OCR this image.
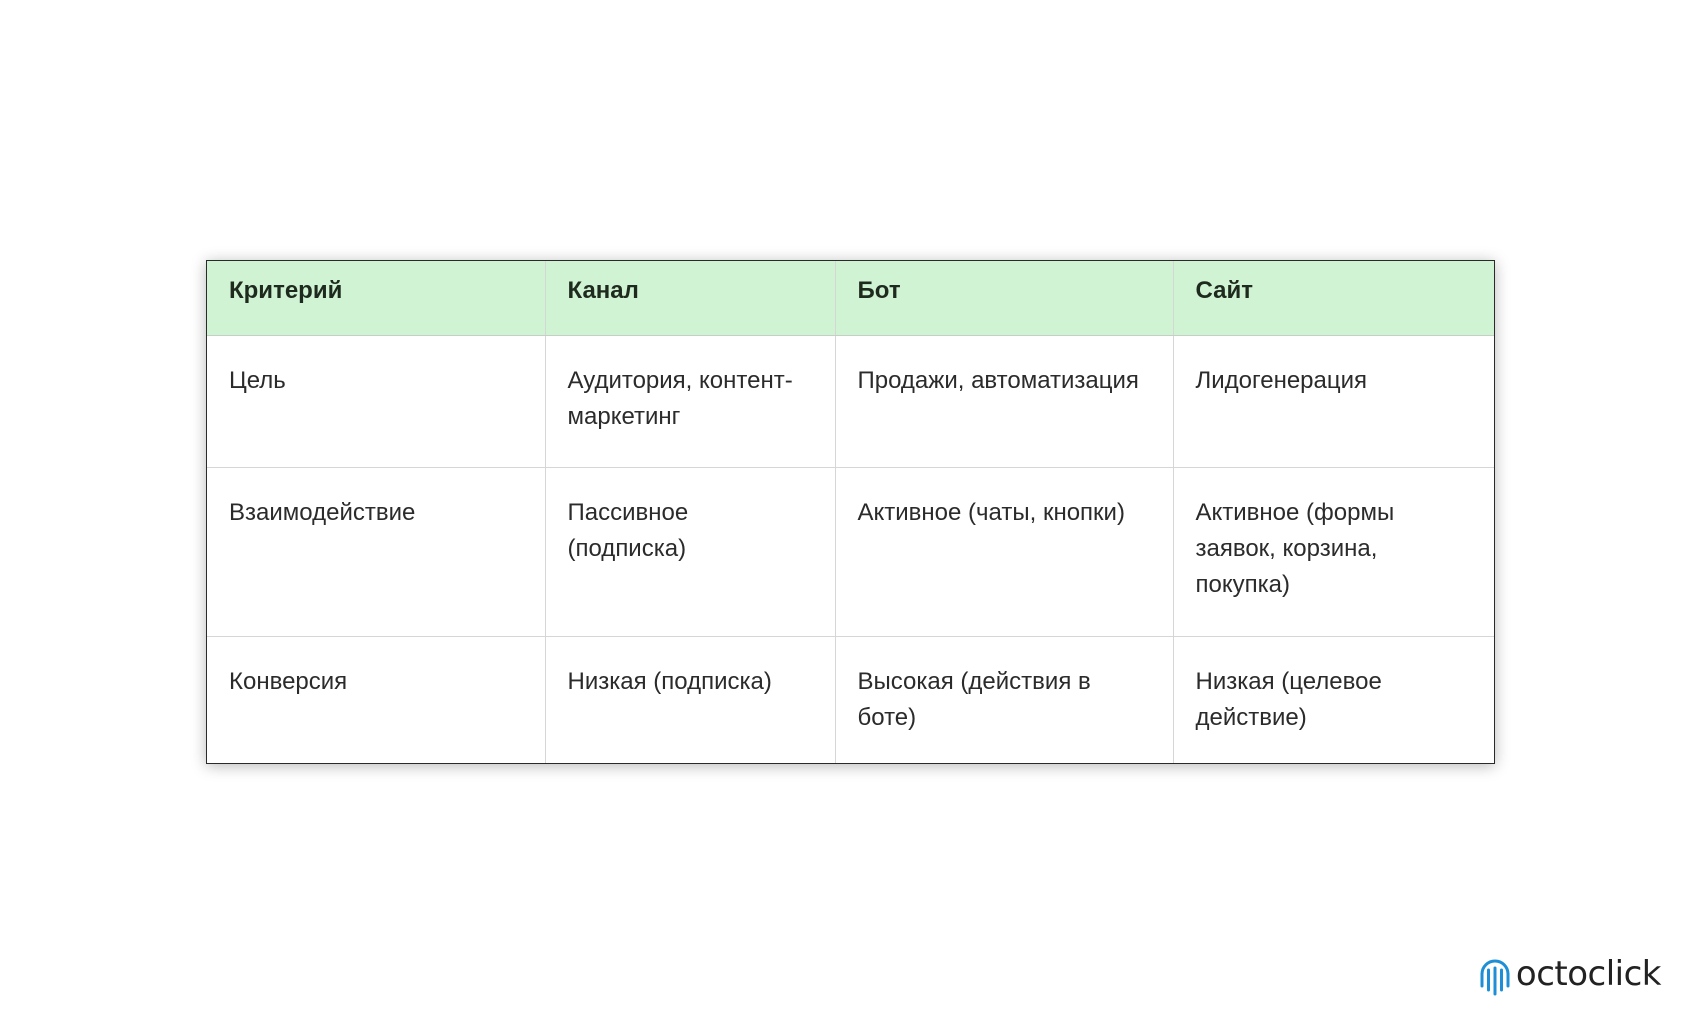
Критерий	Канал	Бот	Сайт
Цель	Аудитория, контент-маркетинг	Продажи, автоматизация	Лидогенерация
Взаимодействие	Пассивное (подписка)	Активное (чаты, кнопки)	Активное (формы заявок, корзина, покупка)
Конверсия	Низкая (подписка)	Высокая (действия в боте)	Низкая (целевое действие)
octoclick
